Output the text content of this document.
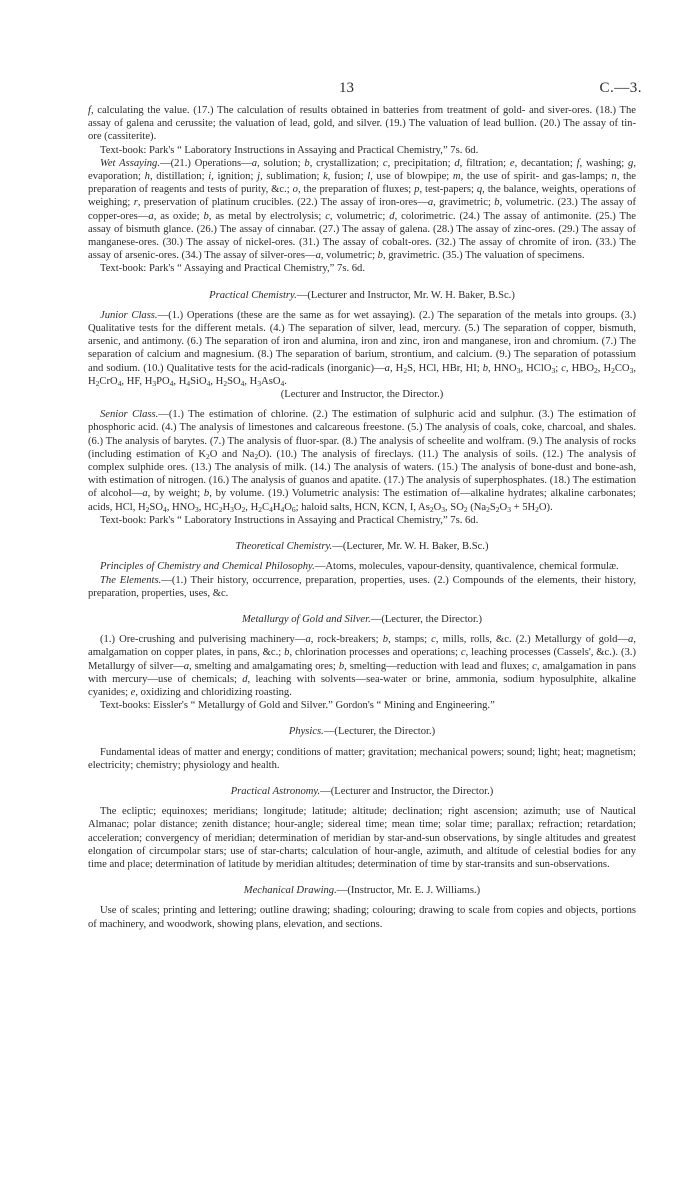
13	C.—3.

f, calculating the value. (17.) The calculation of results obtained in batteries from treatment of gold- and siver-ores. (18.) The assay of galena and cerussite; the valuation of lead, gold, and silver. (19.) The valuation of lead bullion. (20.) The assay of tin-ore (cassiterite).

Text-book: Park's “ Laboratory Instructions in Assaying and Practical Chemistry,” 7s. 6d.

Wet Assaying.—(21.) Operations—a, solution; b, crystallization; c, precipitation; d, filtration; e, decantation; f, washing; g, evaporation; h, distillation; i, ignition; j, sublimation; k, fusion; l, use of blowpipe; m, the use of spirit- and gas-lamps; n, the preparation of reagents and tests of purity, &c.; o, the preparation of fluxes; p, test-papers; q, the balance, weights, operations of weighing; r, preservation of platinum crucibles. (22.) The assay of iron-ores—a, gravimetric; b, volumetric. (23.) The assay of copper-ores—a, as oxide; b, as metal by electrolysis; c, volumetric; d, colorimetric. (24.) The assay of antimonite. (25.) The assay of bismuth glance. (26.) The assay of cinnabar. (27.) The assay of galena. (28.) The assay of zinc-ores. (29.) The assay of manganese-ores. (30.) The assay of nickel-ores. (31.) The assay of cobalt-ores. (32.) The assay of chromite of iron. (33.) The assay of arsenic-ores. (34.) The assay of silver-ores—a, volumetric; b, gravimetric. (35.) The valuation of specimens.

Text-book: Park's “ Assaying and Practical Chemistry,” 7s. 6d.

Practical Chemistry.—(Lecturer and Instructor, Mr. W. H. Baker, B.Sc.)

Junior Class.—(1.) Operations (these are the same as for wet assaying). (2.) The separation of the metals into groups. (3.) Qualitative tests for the different metals. (4.) The separation of silver, lead, mercury. (5.) The separation of copper, bismuth, arsenic, and antimony. (6.) The separation of iron and alumina, iron and zinc, iron and manganese, iron and chromium. (7.) The separation of calcium and magnesium. (8.) The separation of barium, strontium, and calcium. (9.) The separation of potassium and sodium. (10.) Qualitative tests for the acid-radicals (inorganic)—a, $H_2S$, HCl, HBr, HI; b, $HNO_3$, HClO$_3$; c, $HBO_2$, $H_2CO_3$, $H_2CrO_4$, HF, $H_3PO_4$, $H_4SiO_4$, $H_2SO_4$, $H_3AsO_4$.

(Lecturer and Instructor, the Director.)

Senior Class.—(1.) The estimation of chlorine. (2.) The estimation of sulphuric acid and sulphur. (3.) The estimation of phosphoric acid. (4.) The analysis of limestones and calcareous freestone. (5.) The analysis of coals, coke, charcoal, and shales. (6.) The analysis of barytes. (7.) The analysis of fluor-spar. (8.) The analysis of scheelite and wolfram. (9.) The analysis of rocks (including estimation of $K_2O$ and $Na_2O$). (10.) The analysis of fireclays. (11.) The analysis of soils. (12.) The analysis of complex sulphide ores. (13.) The analysis of milk. (14.) The analysis of waters. (15.) The analysis of bone-dust and bone-ash, with estimation of nitrogen. (16.) The analysis of guanos and apatite. (17.) The analysis of superphosphates. (18.) The estimation of alcohol—a, by weight; b, by volume. (19.) Volumetric analysis: The estimation of—alkaline hydrates; alkaline carbonates; acids, HCl, $H_2SO_4$, $HNO_3$, $HC_2H_3O_2$, $H_2C_4H_4O_6$; haloid salts, HCN, KCN, I, $As_2O_3$, $SO_2$ $(Na_2S_2O_3 + 5H_2O)$.

Text-book: Park's “ Laboratory Instructions in Assaying and Practical Chemistry,” 7s. 6d.

Theoretical Chemistry.—(Lecturer, Mr. W. H. Baker, B.Sc.)

Principles of Chemistry and Chemical Philosophy.—Atoms, molecules, vapour-density, quantivalence, chemical formulæ.

The Elements.—(1.) Their history, occurrence, preparation, properties, uses. (2.) Compounds of the elements, their history, preparation, properties, uses, &c.

Metallurgy of Gold and Silver.—(Lecturer, the Director.)

(1.) Ore-crushing and pulverising machinery—a, rock-breakers; b, stamps; c, mills, rolls, &c. (2.) Metallurgy of gold—a, amalgamation on copper plates, in pans, &c.; b, chlorination processes and operations; c, leaching processes (Cassels', &c.). (3.) Metallurgy of silver—a, smelting and amalgamating ores; b, smelting—reduction with lead and fluxes; c, amalgamation in pans with mercury—use of chemicals; d, leaching with solvents—sea-water or brine, ammonia, sodium hyposulphite, alkaline cyanides; e, oxidizing and chloridizing roasting.

Text-books: Eissler's “ Metallurgy of Gold and Silver.” Gordon's “ Mining and Engineering.”

Physics.—(Lecturer, the Director.)

Fundamental ideas of matter and energy; conditions of matter; gravitation; mechanical powers; sound; light; heat; magnetism; electricity; chemistry; physiology and health.

Practical Astronomy.—(Lecturer and Instructor, the Director.)

The ecliptic; equinoxes; meridians; longitude; latitude; altitude; declination; right ascension; azimuth; use of Nautical Almanac; polar distance; zenith distance; hour-angle; sidereal time; mean time; solar time; parallax; refraction; retardation; acceleration; convergency of meridian; determination of meridian by star-and-sun observations, by single altitudes and greatest elongation of circumpolar stars; use of star-charts; calculation of hour-angle, azimuth, and altitude of celestial bodies for any time and place; determination of latitude by meridian altitudes; determination of time by star-transits and sun-observations.

Mechanical Drawing.—(Instructor, Mr. E. J. Williams.)

Use of scales; printing and lettering; outline drawing; shading; colouring; drawing to scale from copies and objects, portions of machinery, and woodwork, showing plans, elevation, and sections.
